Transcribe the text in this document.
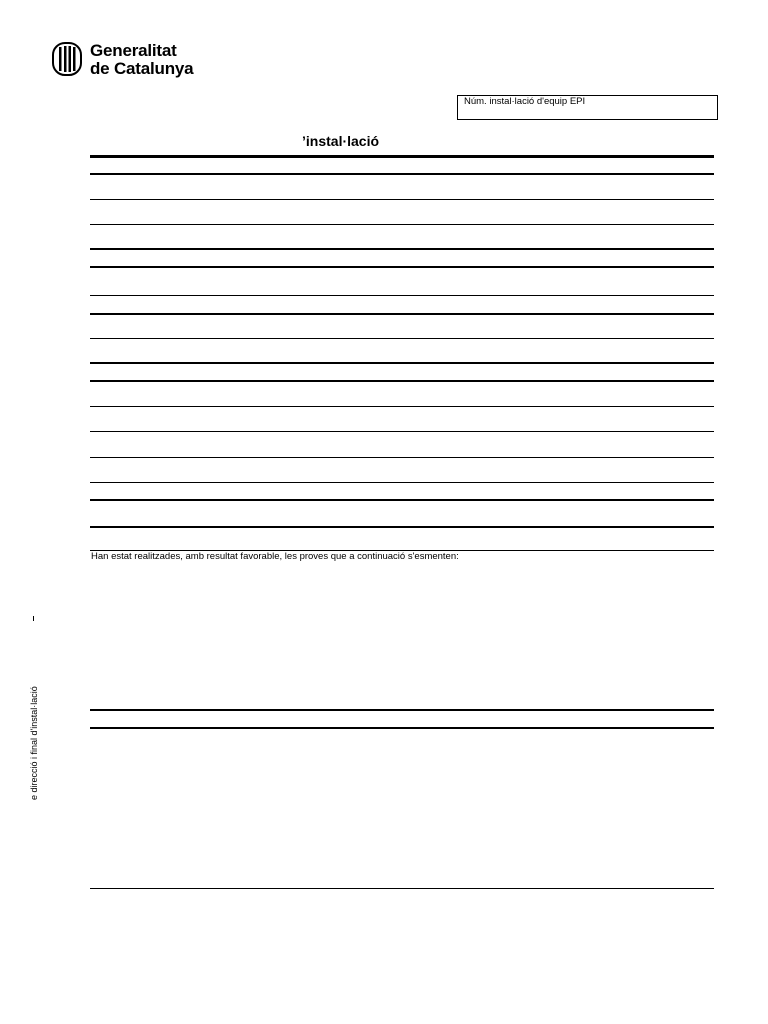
Generalitat
de Catalunya
Núm. instal·lació d'equip EPI
’instal·lació
Han estat realitzades, amb resultat favorable, les proves que a continuació s'esmenten:
e direcció i final d'instal·lació
